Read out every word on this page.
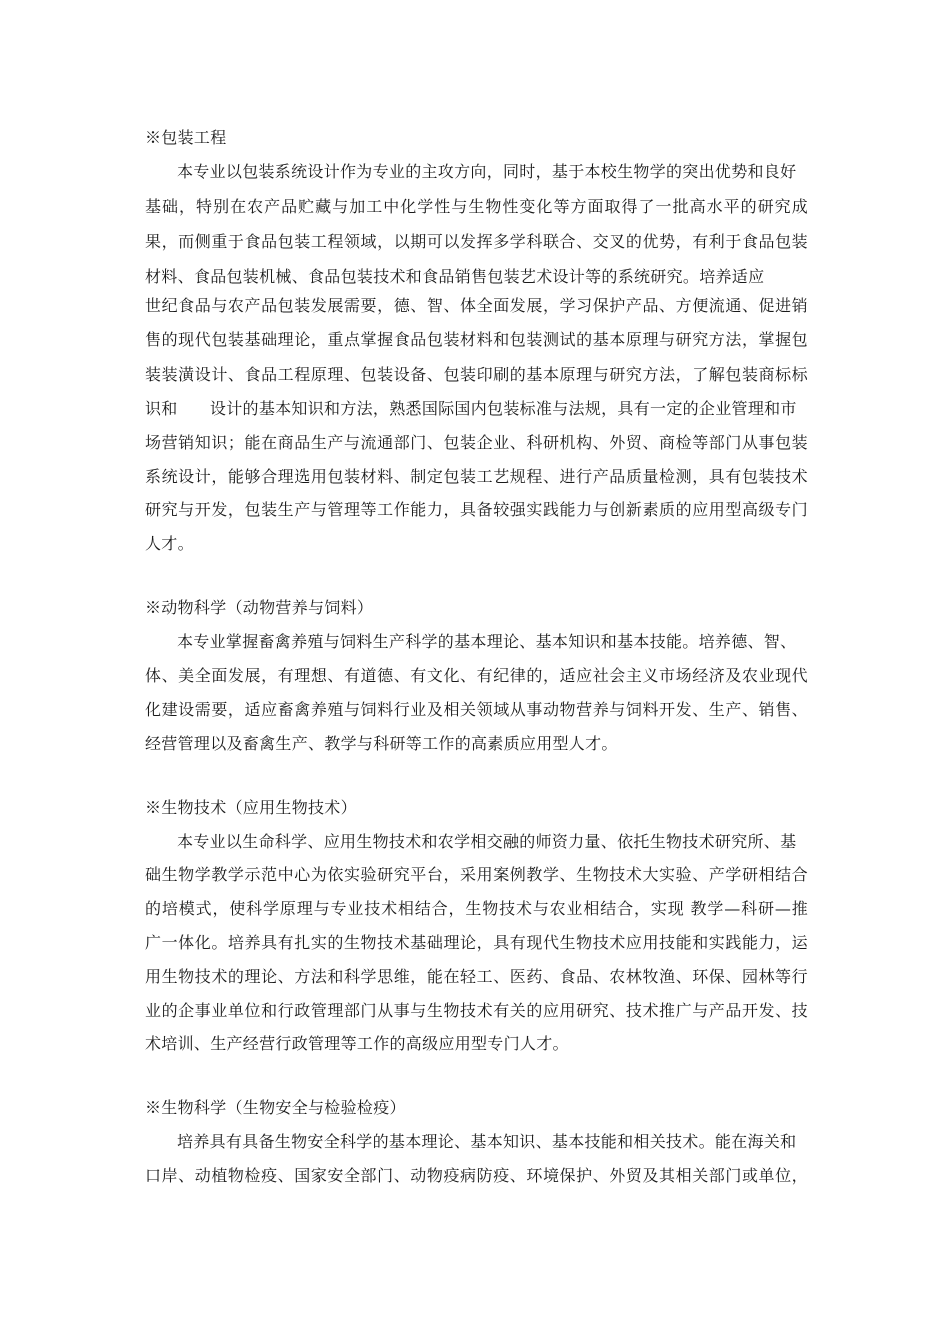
※包装工程
本专业以包装系统设计作为专业的主攻方向，同时，基于本校生物学的突出优势和良好
基础，特别在农产品贮藏与加工中化学性与生物性变化等方面取得了一批高水平的研究成
果，而侧重于食品包装工程领域，以期可以发挥多学科联合、交叉的优势，有利于食品包装
材料、食品包装机械、食品包装技术和食品销售包装艺术设计等的系统研究。培养适应
世纪食品与农产品包装发展需要，德、智、体全面发展，学习保护产品、方便流通、促进销
售的现代包装基础理论，重点掌握食品包装材料和包装测试的基本原理与研究方法，掌握包
装装潢设计、食品工程原理、包装设备、包装印刷的基本原理与研究方法，了解包装商标标
识和      设计的基本知识和方法，熟悉国际国内包装标准与法规，具有一定的企业管理和市
场营销知识；能在商品生产与流通部门、包装企业、科研机构、外贸、商检等部门从事包装
系统设计，能够合理选用包装材料、制定包装工艺规程、进行产品质量检测，具有包装技术
研究与开发，包装生产与管理等工作能力，具备较强实践能力与创新素质的应用型高级专门
人才。
※动物科学（动物营养与饲料）
本专业掌握畜禽养殖与饲料生产科学的基本理论、基本知识和基本技能。培养德、智、
体、美全面发展，有理想、有道德、有文化、有纪律的，适应社会主义市场经济及农业现代
化建设需要，适应畜禽养殖与饲料行业及相关领域从事动物营养与饲料开发、生产、销售、
经营管理以及畜禽生产、教学与科研等工作的高素质应用型人才。
※生物技术（应用生物技术）
本专业以生命科学、应用生物技术和农学相交融的师资力量、依托生物技术研究所、基
础生物学教学示范中心为依实验研究平台，采用案例教学、生物技术大实验、产学研相结合
的培模式，使科学原理与专业技术相结合，生物技术与农业相结合，实现 教学—科研—推
广一体化。培养具有扎实的生物技术基础理论，具有现代生物技术应用技能和实践能力，运
用生物技术的理论、方法和科学思维，能在轻工、医药、食品、农林牧渔、环保、园林等行
业的企事业单位和行政管理部门从事与生物技术有关的应用研究、技术推广与产品开发、技
术培训、生产经营行政管理等工作的高级应用型专门人才。
※生物科学（生物安全与检验检疫）
培养具有具备生物安全科学的基本理论、基本知识、基本技能和相关技术。能在海关和
口岸、动植物检疫、国家安全部门、动物疫病防疫、环境保护、外贸及其相关部门或单位，
